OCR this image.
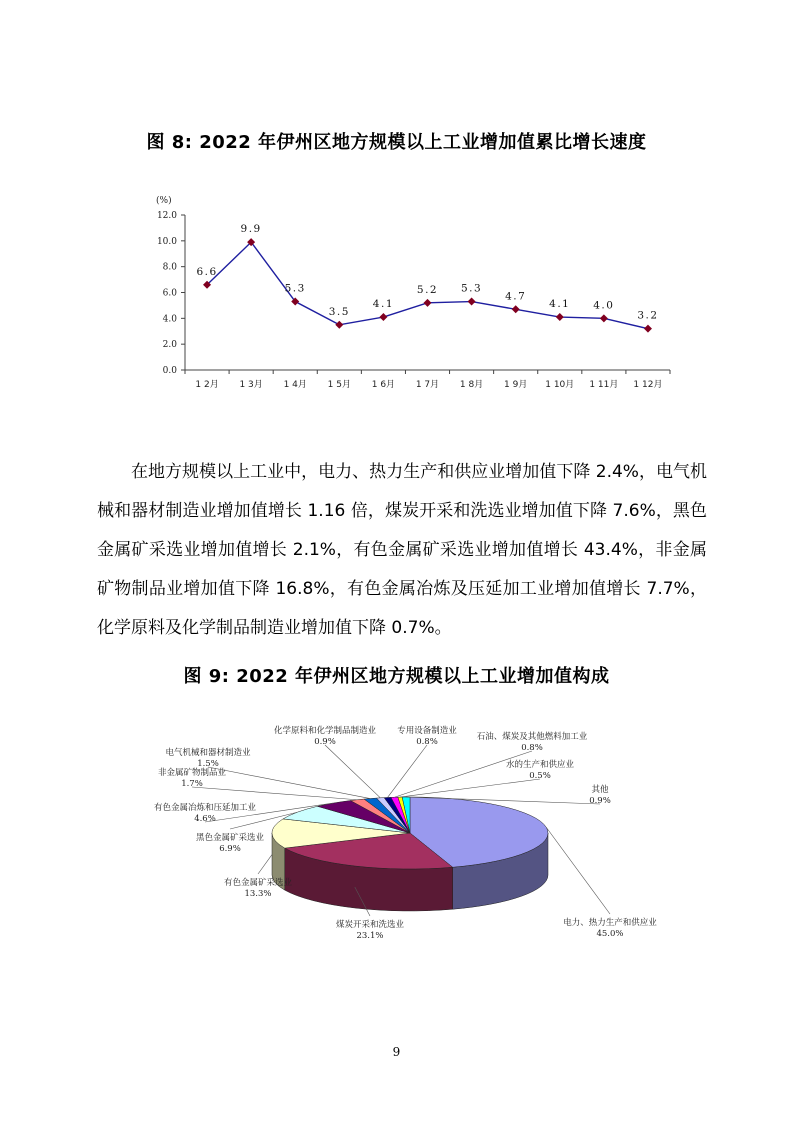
图 8: 2022 年伊州区地方规模以上工业增加值累比增长速度
(%)
0.0
2.0
4.0
6.0
8.0
10.0
12.0
1 2月 1 3月 1 4月 1 5月 1 6月 1 7月 1 8月 1 9月 1 10月 1 11月 1 12月
6.6
9.9
5.3
3.5
4.1
5.2 5.3
4.7
4.1 4.0
3.2

在地方规模以上工业中，电力、热力生产和供应业增加值下降 2.4%，电气机械和器材制造业增加值增长 1.16 倍，煤炭开采和洗选业增加值下降 7.6%，黑色金属矿采选业增加值增长 2.1%，有色金属矿采选业增加值增长 43.4%，非金属矿物制品业增加值下降 16.8%，有色金属冶炼及压延加工业增加值增长 7.7%，化学原料及化学制品制造业增加值下降 0.7%。

图 9: 2022 年伊州区地方规模以上工业增加值构成
电力、热力生产和供应业
45.0%
煤炭开采和洗选业
23.1%
有色金属矿采选业
13.3%
黑色金属矿采选业
6.9%
有色金属冶炼和压延加工业
4.6%
非金属矿物制品业
1.7%
电气机械和器材制造业
1.5%
化学原料和化学制品制造业
0.9%
专用设备制造业
0.8%	石油、煤炭及其他燃料加工业
0.8%
水的生产和供应业
0.5%
其他
0.9%
9
